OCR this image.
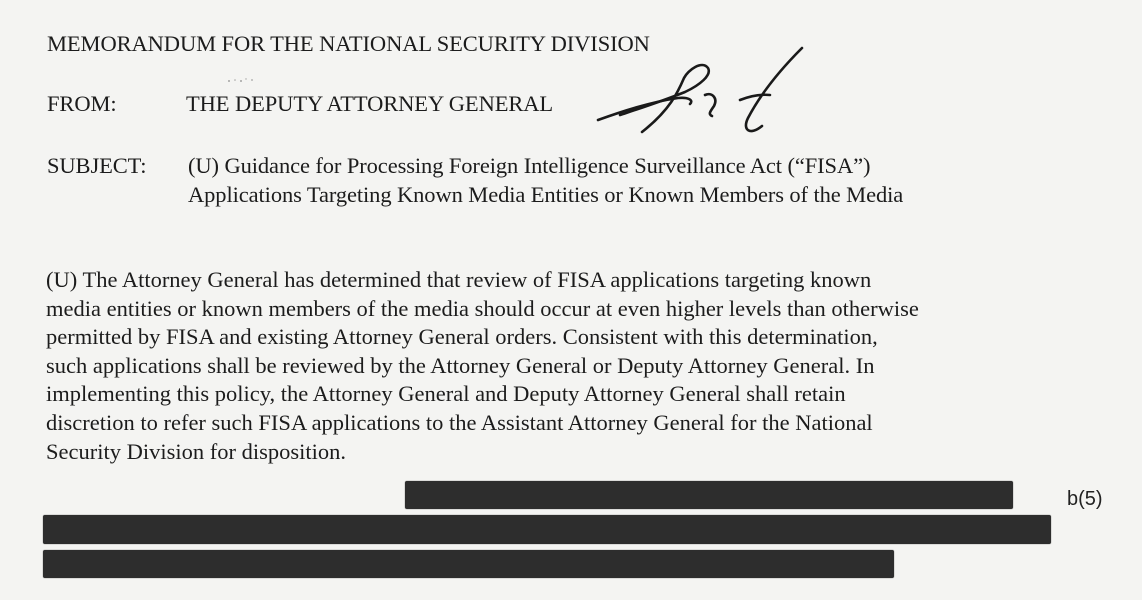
MEMORANDUM FOR THE NATIONAL SECURITY DIVISION
FROM:	THE DEPUTY ATTORNEY GENERAL
SUBJECT: (U) Guidance for Processing Foreign Intelligence Surveillance Act (“FISA”)
Applications Targeting Known Media Entities or Known Members of the Media
(U) The Attorney General has determined that review of FISA applications targeting known
media entities or known members of the media should occur at even higher levels than otherwise
permitted by FISA and existing Attorney General orders. Consistent with this determination,
such applications shall be reviewed by the Attorney General or Deputy Attorney General. In
implementing this policy, the Attorney General and Deputy Attorney General shall retain
discretion to refer such FISA applications to the Assistant Attorney General for the National
Security Division for disposition.
b(5)
